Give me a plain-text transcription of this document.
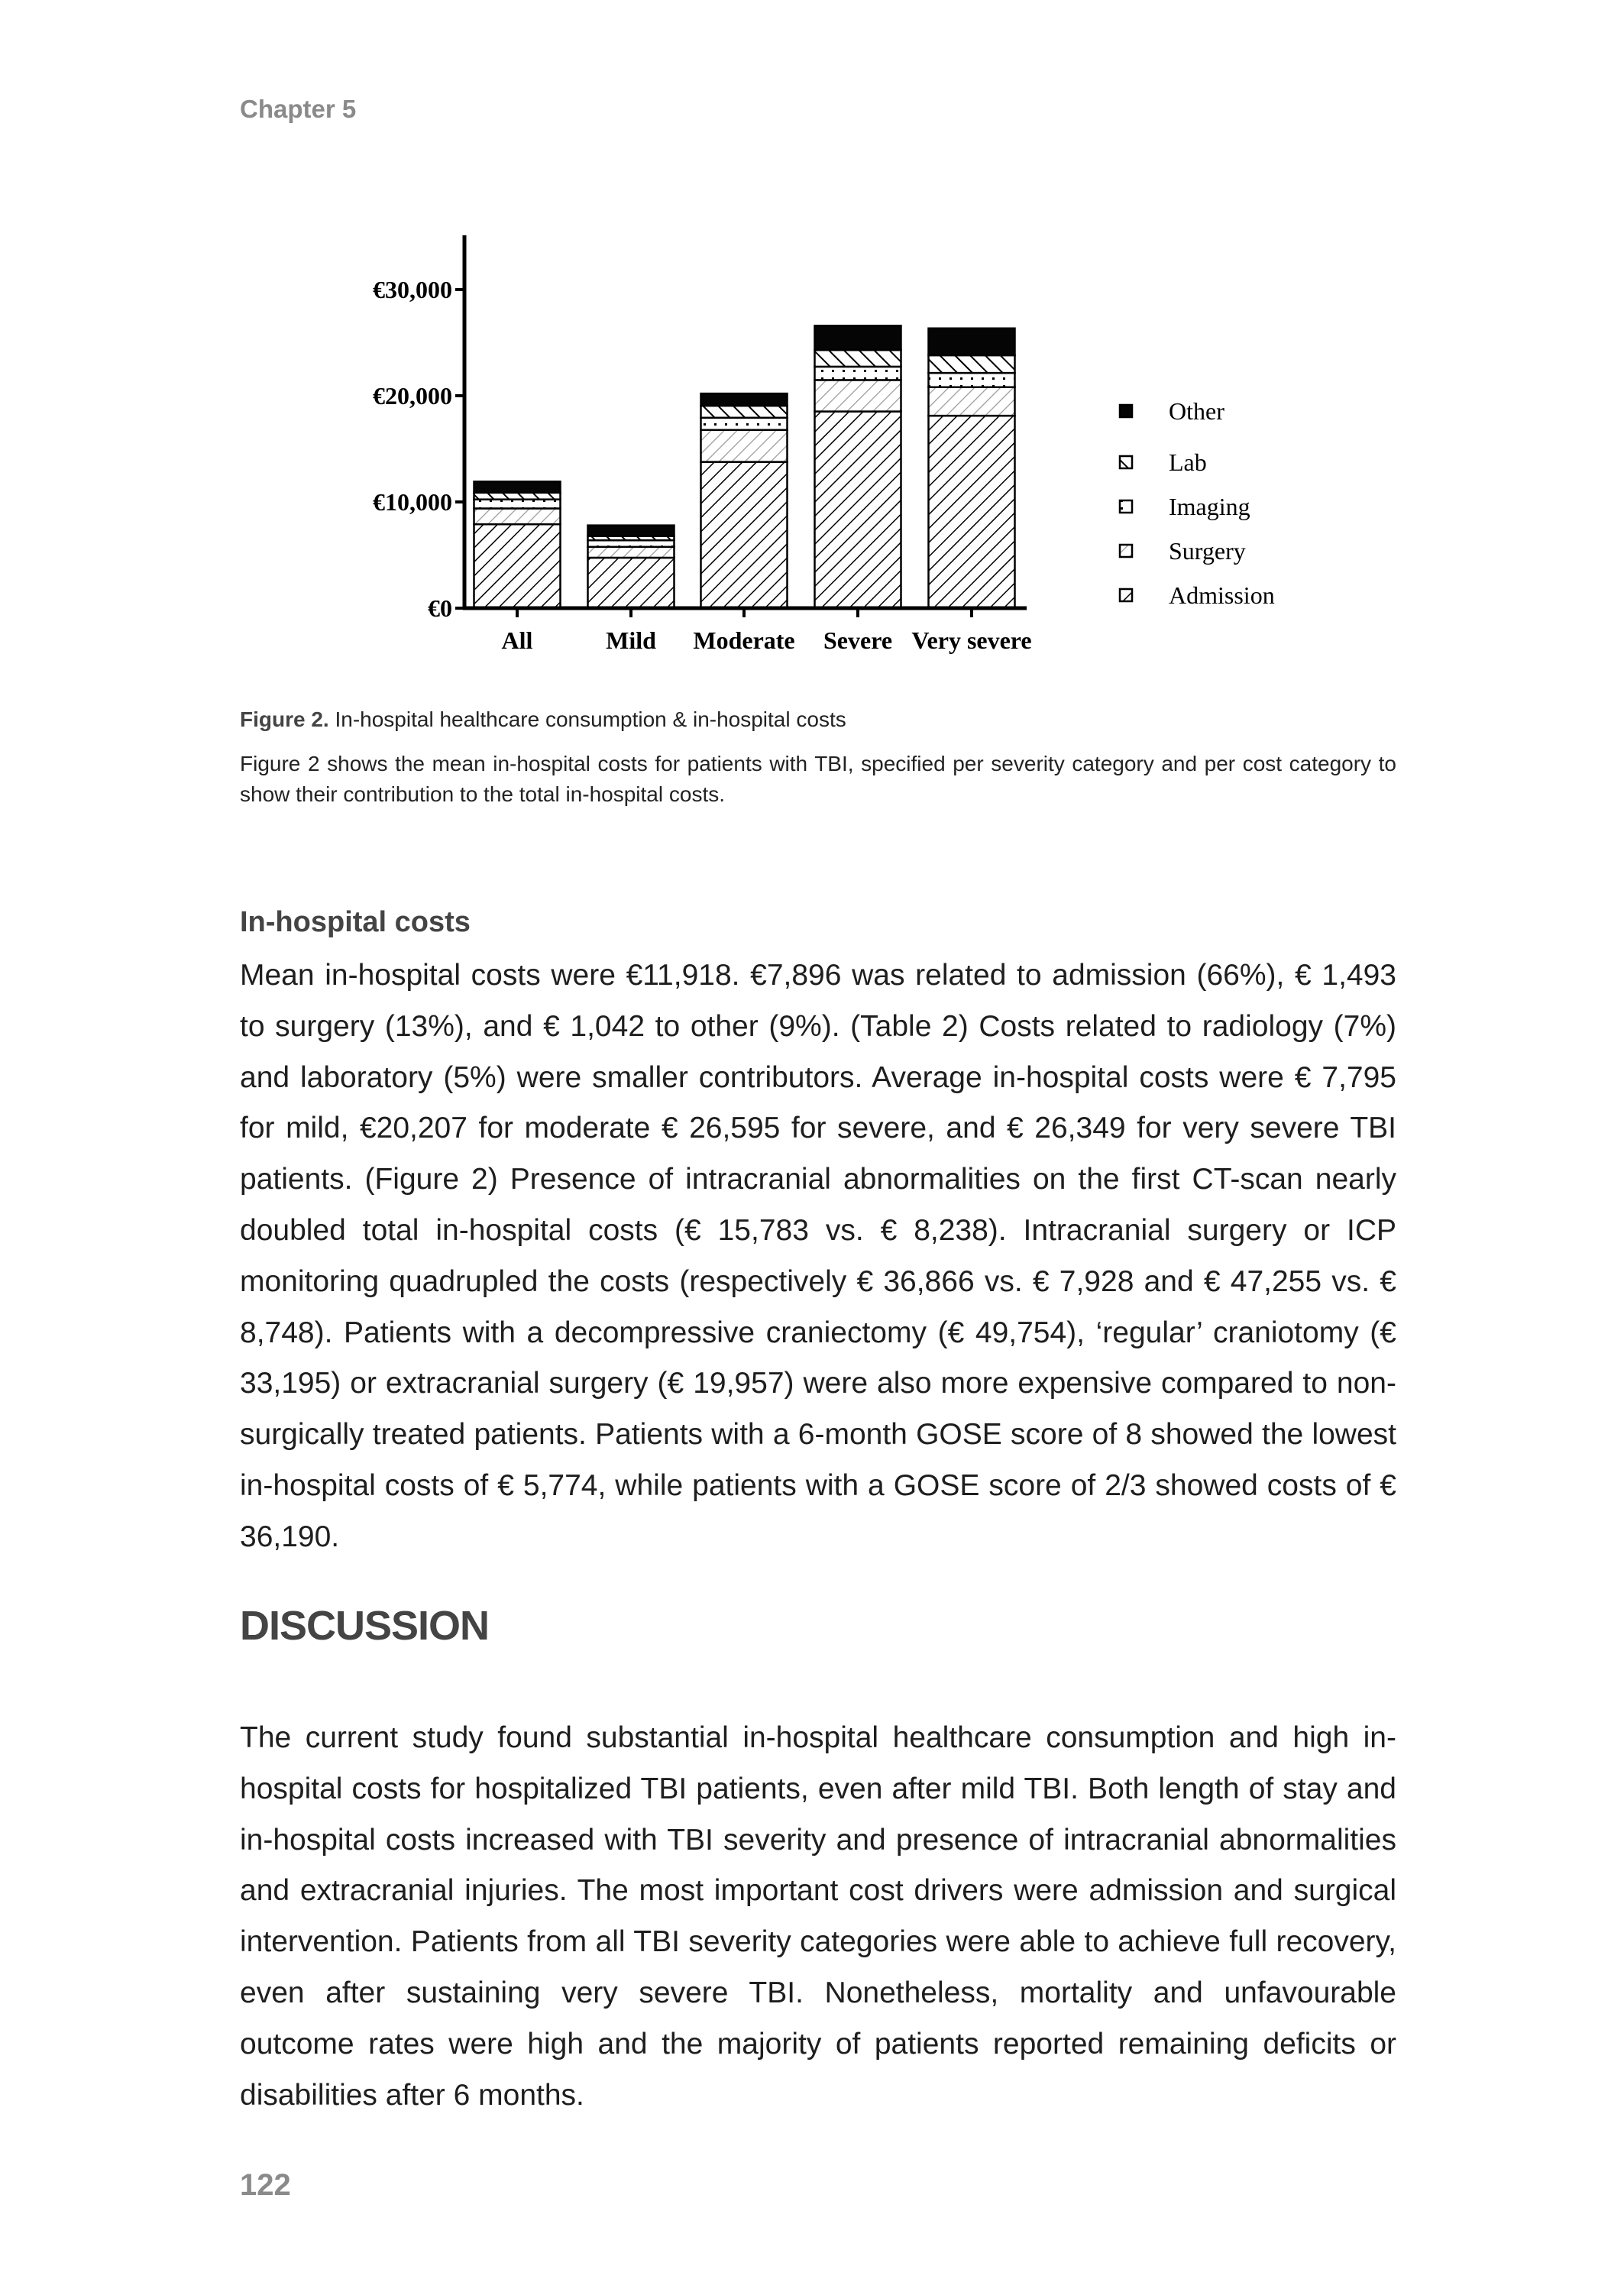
Chapter 5
All	Mild Moderate Severe Very severe
€0
€10,000
€20,000
€30,000
Other
Lab
Imaging
Surgery
Admission
Figure 2. In-hospital healthcare consumption & in-hospital costs
Figure 2 shows the mean in-hospital costs for patients with TBI, specified per severity category and per cost category to show their contribution to the total in-hospital costs.
In-hospital costs
Mean in-hospital costs were €11,918. €7,896 was related to admission (66%), € 1,493 to surgery (13%), and € 1,042 to other (9%). (Table 2) Costs related to radiology (7%) and laboratory (5%) were smaller contributors. Average in-hospital costs were € 7,795 for mild, €20,207 for moderate € 26,595 for severe, and € 26,349 for very severe TBI patients. (Figure 2) Presence of intracranial abnormalities on the first CT-scan nearly doubled total in-hospital costs (€ 15,783 vs. € 8,238). Intracranial surgery or ICP monitoring quadrupled the costs (respectively € 36,866 vs. € 7,928 and € 47,255 vs. € 8,748). Patients with a decompressive craniectomy (€ 49,754), ‘regular’ craniotomy (€ 33,195) or extracranial surgery (€ 19,957) were also more expensive compared to non-surgically treated patients. Patients with a 6-month GOSE score of 8 showed the lowest in-hospital costs of € 5,774, while patients with a GOSE score of 2/3 showed costs of € 36,190.
DISCUSSION
The current study found substantial in-hospital healthcare consumption and high in-hospital costs for hospitalized TBI patients, even after mild TBI. Both length of stay and in-hospital costs increased with TBI severity and presence of intracranial abnormalities and extracranial injuries. The most important cost drivers were admission and surgical intervention. Patients from all TBI severity categories were able to achieve full recovery, even after sustaining very severe TBI. Nonetheless, mortality and unfavourable outcome rates were high and the majority of patients reported remaining deficits or disabilities after 6 months.
122
